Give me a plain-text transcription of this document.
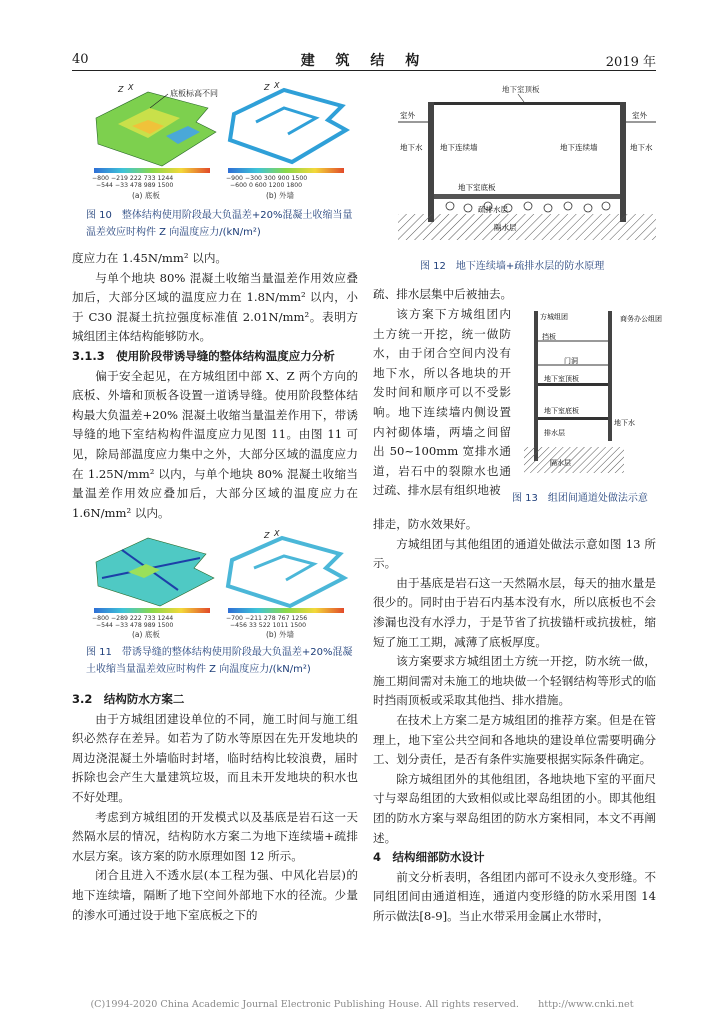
40	建 筑 结 构	2019 年
底板标高不同
Z X	Z X
−800 −219 222 733 1244
−544 −33 478 989 1500
−900 −300 300 900 1500
−600 0 600 1200 1800
(a) 底板	(b) 外墙
图 10　整体结构使用阶段最大负温差+20%混凝土收缩当量温差效应时构件 Z 向温度应力/(kN/m²)

度应力在 1.45N/mm² 以内。

与单个地块 80% 混凝土收缩当量温差作用效应叠加后，大部分区域的温度应力在 1.8N/mm² 以内，小于 C30 混凝土抗拉强度标准值 2.01N/mm²。表明方城组团主体结构能够防水。

3.1.3　使用阶段带诱导缝的整体结构温度应力分析

偏于安全起见，在方城组团中部 X、Z 两个方向的底板、外墙和顶板各设置一道诱导缝。使用阶段整体结构最大负温差+20% 混凝土收缩当量温差作用下，带诱导缝的地下室结构构件温度应力见图 11。由图 11 可见，除局部温度应力集中之外，大部分区域的温度应力在 1.25N/mm² 以内，与单个地块 80% 混凝土收缩当量温差作用效应叠加后，大部分区域的温度应力在 1.6N/mm² 以内。

Z X
−800 −289 222 733 1244
−544 −33 478 989 1500
−700 −211 278 767 1256
−456 33 522 1011 1500
(a) 底板	(b) 外墙
图 11　带诱导缝的整体结构使用阶段最大负温差+20%混凝土收缩当量温差效应时构件 Z 向温度应力/(kN/m²)

3.2　结构防水方案二

由于方城组团建设单位的不同，施工时间与施工组织必然存在差异。如若为了防水等原因在先开发地块的周边浇混凝土外墙临时封堵，临时结构比较浪费，届时拆除也会产生大量建筑垃圾，而且未开发地块的积水也不好处理。

考虑到方城组团的开发模式以及基底是岩石这一天然隔水层的情况，结构防水方案二为地下连续墙+疏排水层方案。该方案的防水原理如图 12 所示。

闭合且进入不透水层(本工程为强、中风化岩层)的地下连续墙，隔断了地下空间外部地下水的径流。少量的渗水可通过设于地下室底板之下的

地下室顶板
室外	室外
地下水	地下水
地下连续墙	地下连续墙
地下室底板
疏排水层
隔水层
图 12　地下连续墙+疏排水层的防水原理

疏、排水层集中后被抽去。

该方案下方城组团内土方统一开挖，统一做防水，由于闭合空间内没有地下水，所以各地块的开发时间和顺序可以不受影响。地下连续墙内侧设置内衬砌体墙，两墙之间留出 50~100mm 宽排水通道，岩石中的裂隙水也通过疏、排水层有组织地被

方城组团	商务办公组团
挡板
门洞
地下室顶板
地下室底板
排水层
隔水层
地下水
图 13　组团间通道处做法示意

排走，防水效果好。

方城组团与其他组团的通道处做法示意如图 13 所示。

由于基底是岩石这一天然隔水层，每天的抽水量是很少的。同时由于岩石内基本没有水，所以底板也不会渗漏也没有水浮力，于是节省了抗拔锚杆或抗拔桩，缩短了施工工期，减薄了底板厚度。

该方案要求方城组团土方统一开挖，防水统一做，施工期间需对未施工的地块做一个轻钢结构等形式的临时挡雨顶板或采取其他挡、排水措施。

在技术上方案二是方城组团的推荐方案。但是在管理上，地下室公共空间和各地块的建设单位需要明确分工、划分责任，是否有条件实施要根据实际条件确定。

除方城组团外的其他组团，各地块地下室的平面尺寸与翠岛组团的大致相似或比翠岛组团的小。即其他组团的防水方案与翠岛组团的防水方案相同，本文不再阐述。

4　结构细部防水设计

前文分析表明，各组团内部可不设永久变形缝。不同组团间由通道相连，通道内变形缝的防水采用图 14 所示做法[8-9]。当止水带采用金属止水带时，

(C)1994-2020 China Academic Journal Electronic Publishing House. All rights reserved.　　http://www.cnki.net
